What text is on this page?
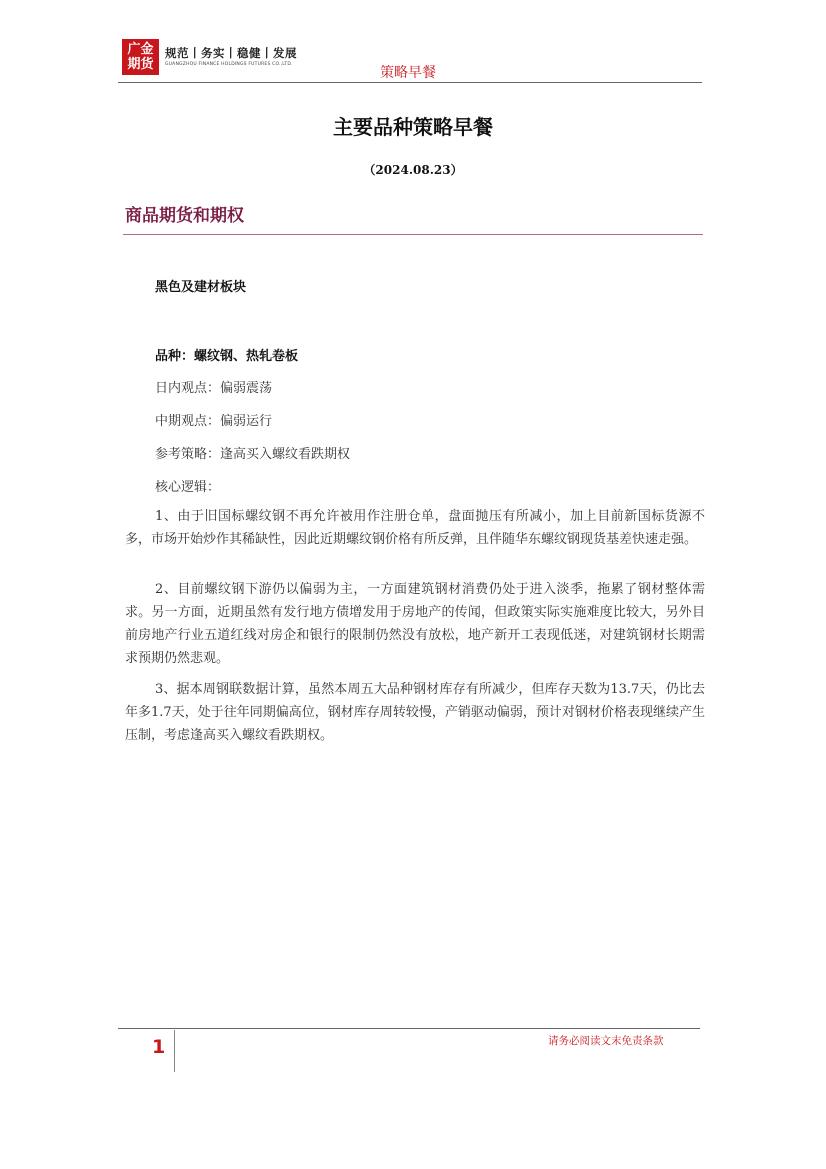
广金
期货
规范丨务实丨稳健丨发展
GUANGZHOU FINANCE HOLDINGS FUTURES CO.,LTD.
策略早餐
主要品种策略早餐
（2024.08.23）
商品期货和期权
黑色及建材板块
品种：螺纹钢、热轧卷板
日内观点：偏弱震荡
中期观点：偏弱运行
参考策略：逢高买入螺纹看跌期权
核心逻辑：
1、由于旧国标螺纹钢不再允许被用作注册仓单，盘面抛压有所减小，加上目前新国标货源不多，市场开始炒作其稀缺性，因此近期螺纹钢价格有所反弹，且伴随华东螺纹钢现货基差快速走强。
2、目前螺纹钢下游仍以偏弱为主，一方面建筑钢材消费仍处于进入淡季，拖累了钢材整体需求。另一方面，近期虽然有发行地方债增发用于房地产的传闻，但政策实际实施难度比较大，另外目前房地产行业五道红线对房企和银行的限制仍然没有放松，地产新开工表现低迷，对建筑钢材长期需求预期仍然悲观。
3、据本周钢联数据计算，虽然本周五大品种钢材库存有所减少，但库存天数为13.7天，仍比去年多1.7天，处于往年同期偏高位，钢材库存周转较慢，产销驱动偏弱，预计对钢材价格表现继续产生压制，考虑逢高买入螺纹看跌期权。
1	请务必阅读文末免责条款
